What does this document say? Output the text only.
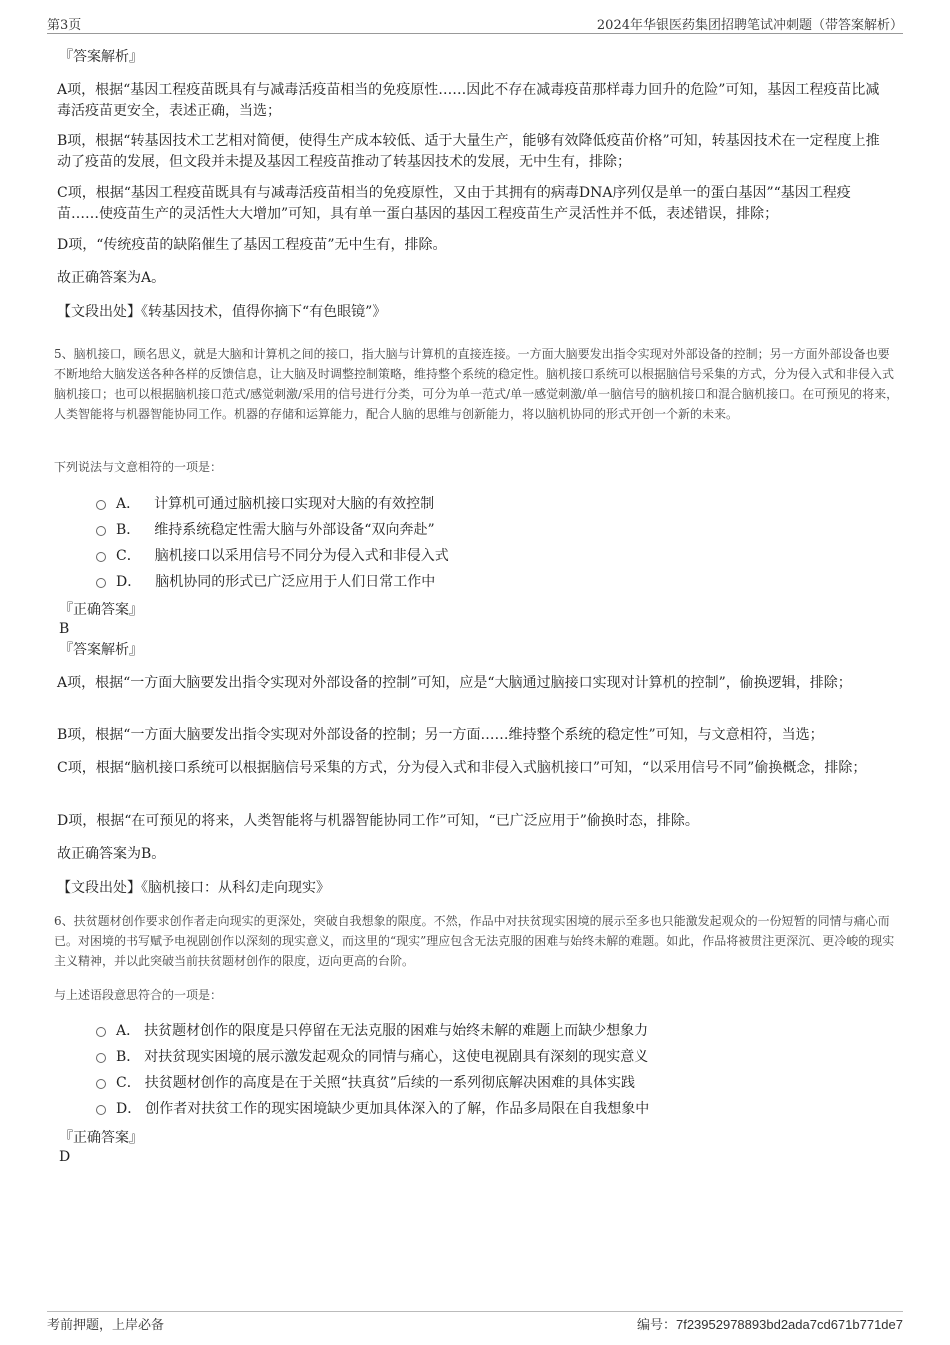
第3页	2024年华银医药集团招聘笔试冲刺题（带答案解析）
『答案解析』

A项，根据“基因工程疫苗既具有与减毒活疫苗相当的免疫原性……因此不存在减毒疫苗那样毒力回升的危险”可知，基因工程疫苗比减毒活疫苗更安全，表述正确，当选；

B项，根据“转基因技术工艺相对简便，使得生产成本较低、适于大量生产，能够有效降低疫苗价格”可知，转基因技术在一定程度上推动了疫苗的发展，但文段并未提及基因工程疫苗推动了转基因技术的发展，无中生有，排除；

C项，根据“基因工程疫苗既具有与减毒活疫苗相当的免疫原性，又由于其拥有的病毒DNA序列仅是单一的蛋白基因”“基因工程疫苗……使疫苗生产的灵活性大大增加”可知，具有单一蛋白基因的基因工程疫苗生产灵活性并不低，表述错误，排除；

D项，“传统疫苗的缺陷催生了基因工程疫苗”无中生有，排除。

故正确答案为A。

【文段出处】《转基因技术，值得你摘下“有色眼镜”》

5、脑机接口，顾名思义，就是大脑和计算机之间的接口，指大脑与计算机的直接连接。一方面大脑要发出指令实现对外部设备的控制；另一方面外部设备也要不断地给大脑发送各种各样的反馈信息，让大脑及时调整控制策略，维持整个系统的稳定性。脑机接口系统可以根据脑信号采集的方式，分为侵入式和非侵入式脑机接口；也可以根据脑机接口范式/感觉刺激/采用的信号进行分类，可分为单一范式/单一感觉刺激/单一脑信号的脑机接口和混合脑机接口。在可预见的将来，人类智能将与机器智能协同工作。机器的存储和运算能力，配合人脑的思维与创新能力，将以脑机协同的形式开创一个新的未来。

下列说法与文意相符的一项是：

A． 计算机可通过脑机接口实现对大脑的有效控制
B． 维持系统稳定性需大脑与外部设备“双向奔赴”
C． 脑机接口以采用信号不同分为侵入式和非侵入式
D． 脑机协同的形式已广泛应用于人们日常工作中
『正确答案』
B
『答案解析』

A项，根据“一方面大脑要发出指令实现对外部设备的控制”可知，应是“大脑通过脑接口实现对计算机的控制”，偷换逻辑，排除；

B项，根据“一方面大脑要发出指令实现对外部设备的控制；另一方面……维持整个系统的稳定性”可知，与文意相符，当选；

C项，根据“脑机接口系统可以根据脑信号采集的方式，分为侵入式和非侵入式脑机接口”可知，“以采用信号不同”偷换概念，排除；

D项，根据“在可预见的将来，人类智能将与机器智能协同工作”可知，“已广泛应用于”偷换时态，排除。

故正确答案为B。

【文段出处】《脑机接口：从科幻走向现实》

6、扶贫题材创作要求创作者走向现实的更深处，突破自我想象的限度。不然，作品中对扶贫现实困境的展示至多也只能激发起观众的一份短暂的同情与痛心而已。对困境的书写赋予电视剧创作以深刻的现实意义，而这里的“现实”理应包含无法克服的困难与始终未解的难题。如此，作品将被贯注更深沉、更冷峻的现实主义精神，并以此突破当前扶贫题材创作的限度，迈向更高的台阶。

与上述语段意思符合的一项是：

A． 扶贫题材创作的限度是只停留在无法克服的困难与始终未解的难题上而缺少想象力
B． 对扶贫现实困境的展示激发起观众的同情与痛心，这使电视剧具有深刻的现实意义
C． 扶贫题材创作的高度是在于关照“扶真贫”后续的一系列彻底解决困难的具体实践
D． 创作者对扶贫工作的现实困境缺少更加具体深入的了解，作品多局限在自我想象中
『正确答案』
D
考前押题，上岸必备	编号：7f23952978893bd2ada7cd671b771de7
